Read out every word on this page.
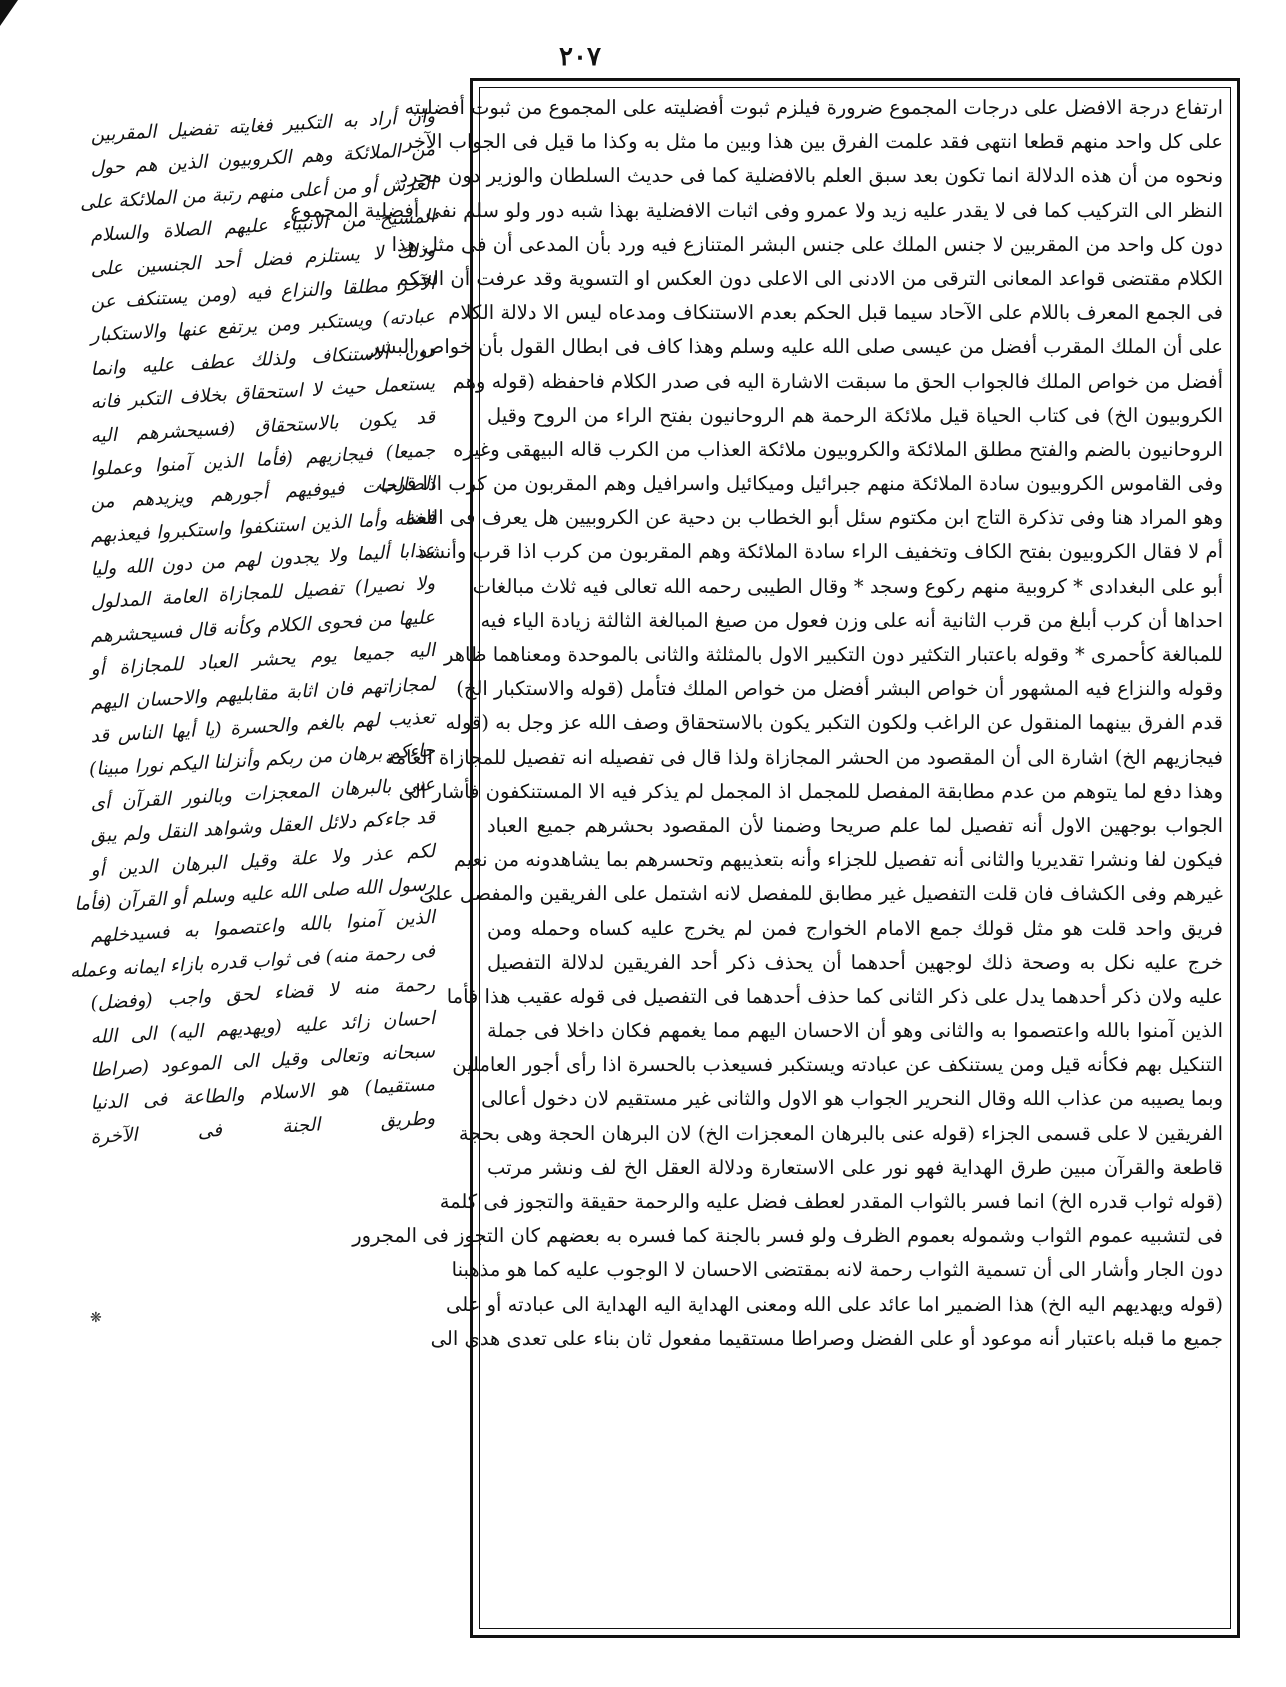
٢٠٧
وان أراد به التكبير فغايته تفضيل المقربين
من الملائكة وهم الكروبيون الذين هم حول
العرش أو من أعلى منهم رتبة من الملائكة على
المسيح من الانبياء عليهم الصلاة والسلام
وذلك لا يستلزم فضل أحد الجنسين على
الآخر مطلقا والنزاع فيه (ومن يستنكف عن
عبادته) ويستكبر ومن يرتفع عنها والاستكبار
دون الاستنكاف ولذلك عطف عليه وانما
يستعمل حيث لا استحقاق بخلاف التكبر فانه
قد يكون بالاستحقاق (فسيحشرهم اليه
جميعا) فيجازيهم (فأما الذين آمنوا وعملوا
الصالحات فيوفيهم أجورهم ويزيدهم من
فضله وأما الذين استنكفوا واستكبروا فيعذبهم
عذابا أليما ولا يجدون لهم من دون الله وليا
ولا نصيرا) تفصيل للمجازاة العامة المدلول
عليها من فحوى الكلام وكأنه قال فسيحشرهم
اليه جميعا يوم يحشر العباد للمجازاة أو
لمجازاتهم فان اثابة مقابليهم والاحسان اليهم
تعذيب لهم بالغم والحسرة (يا أيها الناس قد
جاءكم برهان من ربكم وأنزلنا اليكم نورا مبينا)
عنى بالبرهان المعجزات وبالنور القرآن أى
قد جاءكم دلائل العقل وشواهد النقل ولم يبق
لكم عذر ولا علة وقيل البرهان الدين أو
رسول الله صلى الله عليه وسلم أو القرآن (فأما
الذين آمنوا بالله واعتصموا به فسيدخلهم
فى رحمة منه) فى ثواب قدره بازاء ايمانه وعمله
رحمة منه لا قضاء لحق واجب (وفضل)
احسان زائد عليه (ويهديهم اليه) الى الله
سبحانه وتعالى وقيل الى الموعود (صراطا
مستقيما) هو الاسلام والطاعة فى الدنيا
وطريق الجنة فى الآخرة
ارتفاع درجة الافضل على درجات المجموع ضرورة فيلزم ثبوت أفضليته على المجموع من ثبوت أفضليته
على كل واحد منهم قطعا انتهى فقد علمت الفرق بين هذا وبين ما مثل به وكذا ما قيل فى الجواب الآخر
ونحوه من أن هذه الدلالة انما تكون بعد سبق العلم بالافضلية كما فى حديث السلطان والوزير دون مجرد
النظر الى التركيب كما فى لا يقدر عليه زيد ولا عمرو وفى اثبات الافضلية بهذا شبه دور ولو سلم نفى أفضلية المجموع
دون كل واحد من المقربين لا جنس الملك على جنس البشر المتنازع فيه ورد بأن المدعى أن فى مثل هذا
الكلام مقتضى قواعد المعانى الترقى من الادنى الى الاعلى دون العكس او التسوية وقد عرفت أن الحكم
فى الجمع المعرف باللام على الآحاد سيما قبل الحكم بعدم الاستنكاف ومدعاه ليس الا دلالة الكلام
على أن الملك المقرب أفضل من عيسى صلى الله عليه وسلم وهذا كاف فى ابطال القول بأن خواص البشر
أفضل من خواص الملك فالجواب الحق ما سبقت الاشارة اليه فى صدر الكلام فاحفظه (قوله وهم
الكروبيون الخ) فى كتاب الحياة قيل ملائكة الرحمة هم الروحانيون بفتح الراء من الروح وقيل
الروحانيون بالضم والفتح مطلق الملائكة والكروبيون ملائكة العذاب من الكرب قاله البيهقى وغيره
وفى القاموس الكروبيون سادة الملائكة منهم جبرائيل وميكائيل واسرافيل وهم المقربون من كرب اذا قرب
وهو المراد هنا وفى تذكرة التاج ابن مكتوم سئل أبو الخطاب بن دحية عن الكروبيين هل يعرف فى اللغة
أم لا فقال الكروبيون بفتح الكاف وتخفيف الراء سادة الملائكة وهم المقربون من كرب اذا قرب وأنشد
أبو على البغدادى * كروبية منهم ركوع وسجد * وقال الطيبى رحمه الله تعالى فيه ثلاث مبالغات
احداها أن كرب أبلغ من قرب الثانية أنه على وزن فعول من صيغ المبالغة الثالثة زيادة الياء فيه
للمبالغة كأحمرى * وقوله باعتبار التكثير دون التكبير الاول بالمثلثة والثانى بالموحدة ومعناهما ظاهر
وقوله والنزاع فيه المشهور أن خواص البشر أفضل من خواص الملك فتأمل (قوله والاستكبار الخ)
قدم الفرق بينهما المنقول عن الراغب ولكون التكبر يكون بالاستحقاق وصف الله عز وجل به (قوله
فيجازيهم الخ) اشارة الى أن المقصود من الحشر المجازاة ولذا قال فى تفصيله انه تفصيل للمجازاة العامة
وهذا دفع لما يتوهم من عدم مطابقة المفصل للمجمل اذ المجمل لم يذكر فيه الا المستنكفون فأشار الى
الجواب بوجهين الاول أنه تفصيل لما علم صريحا وضمنا لأن المقصود بحشرهم جميع العباد
فيكون لفا ونشرا تقديريا والثانى أنه تفصيل للجزاء وأنه بتعذيبهم وتحسرهم بما يشاهدونه من نعيم
غيرهم وفى الكشاف فان قلت التفصيل غير مطابق للمفصل لانه اشتمل على الفريقين والمفصل على
فريق واحد قلت هو مثل قولك جمع الامام الخوارج فمن لم يخرج عليه كساه وحمله ومن
خرج عليه نكل به وصحة ذلك لوجهين أحدهما أن يحذف ذكر أحد الفريقين لدلالة التفصيل
عليه ولان ذكر أحدهما يدل على ذكر الثانى كما حذف أحدهما فى التفصيل فى قوله عقيب هذا فأما
الذين آمنوا بالله واعتصموا به والثانى وهو أن الاحسان اليهم مما يغمهم فكان داخلا فى جملة
التنكيل بهم فكأنه قيل ومن يستنكف عن عبادته ويستكبر فسيعذب بالحسرة اذا رأى أجور العاملين
وبما يصيبه من عذاب الله وقال النحرير الجواب هو الاول والثانى غير مستقيم لان دخول أعالى
الفريقين لا على قسمى الجزاء (قوله عنى بالبرهان المعجزات الخ) لان البرهان الحجة وهى بحجة
قاطعة والقرآن مبين طرق الهداية فهو نور على الاستعارة ودلالة العقل الخ لف ونشر مرتب
(قوله ثواب قدره الخ) انما فسر بالثواب المقدر لعطف فضل عليه والرحمة حقيقة والتجوز فى كلمة
فى لتشبيه عموم الثواب وشموله بعموم الظرف ولو فسر بالجنة كما فسره به بعضهم كان التجوز فى المجرور
دون الجار وأشار الى أن تسمية الثواب رحمة لانه بمقتضى الاحسان لا الوجوب عليه كما هو مذهبنا
(قوله ويهديهم اليه الخ) هذا الضمير اما عائد على الله ومعنى الهداية اليه الهداية الى عبادته أو على
جميع ما قبله باعتبار أنه موعود أو على الفضل وصراطا مستقيما مفعول ثان بناء على تعدى هدى الى
❋
